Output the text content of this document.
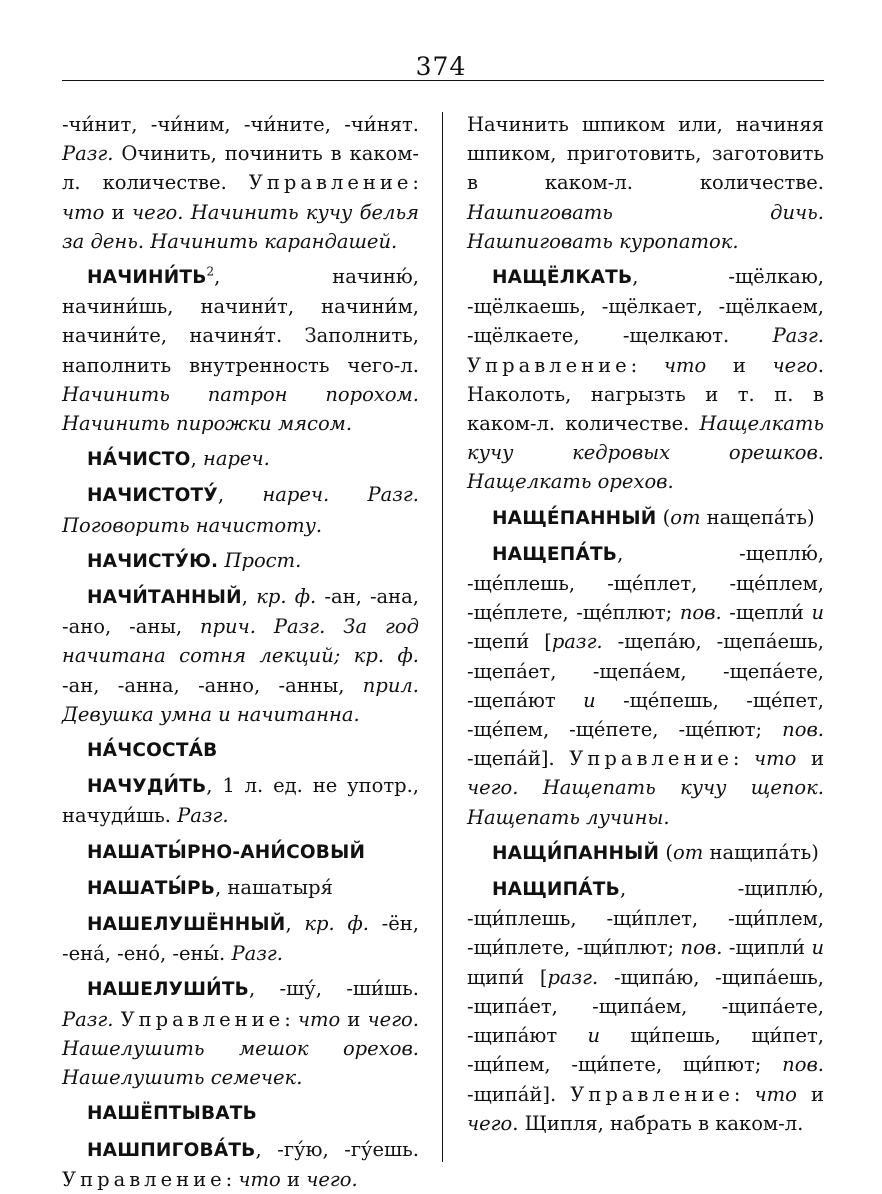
374

-чи́нит, -чи́ним, -чи́ните, -чи́нят. Разг. Очинить, починить в каком-л. количестве. Управление: что и чего. Начинить кучу белья за день. Начинить карандашей.

$НАЧИНИ́ТЬ^2$, начиню́, начини́шь, начини́т, начини́м, начини́те, начиня́т. Заполнить, наполнить внутренность чего-л. Начинить патрон порохом. Начинить пирожки мясом.

НА́ЧИСТО, нареч.

НАЧИСТОТУ́, нареч. Разг. Поговорить начистоту.

НАЧИСТУ́Ю. Прост.

НАЧИ́ТАННЫЙ, кр. ф. -ан, -ана, -ано, -аны, прич. Разг. За год начитана сотня лекций; кр. ф. -ан, -анна, -анно, -анны, прил. Девушка умна и начитанна.

НА́ЧСОСТА́В

НАЧУДИ́ТЬ, 1 л. ед. не употр., начуди́шь. Разг.

НАШАТЫ́РНО-АНИ́СОВЫЙ

НАШАТЫ́РЬ, нашатыря́

НАШЕЛУШЁННЫЙ, кр. ф. -ён, -ена́, -ено́, -ены́. Разг.

НАШЕЛУШИ́ТЬ, -шу́, -ши́шь. Разг. Управление: что и чего. Нашелушить мешок орехов. Нашелушить семечек.

НАШЁПТЫВАТЬ

НАШПИГОВА́ТЬ, -гу́ю, -гу́ешь. Управление: что и чего.

Начинить шпиком или, начиняя шпиком, приготовить, заготовить в каком-л. количестве. Нашпиговать дичь. Нашпиговать куропаток.

НАЩЁЛКАТЬ, -щёлкаю, -щёлкаешь, -щёлкает, -щёлкаем, -щёлкаете, -щелкают. Разг. Управление: что и чего. Наколоть, нагрызть и т. п. в каком-л. количестве. Нащелкать кучу кедровых орешков. Нащелкать орехов.

НАЩЕ́ПАННЫЙ (от нащепа́ть)

НАЩЕПА́ТЬ, -щеплю́, -ще́плешь, -ще́плет, -ще́плем, -ще́плете, -ще́плют; пов. -щепли́ и -щепи́ [разг. -щепа́ю, -щепа́ешь, -щепа́ет, -щепа́ем, -щепа́ете, -щепа́ют и -ще́пешь, -ще́пет, -ще́пем, -ще́пете, -ще́пют; пов. -щепа́й]. Управление: что и чего. Нащепать кучу щепок. Нащепать лучины.

НАЩИ́ПАННЫЙ (от нащипа́ть)

НАЩИПА́ТЬ, -щиплю́, -щи́плешь, -щи́плет, -щи́плем, -щи́плете, -щи́плют; пов. -щипли́ и щипи́ [разг. -щипа́ю, -щипа́ешь, -щипа́ет, -щипа́ем, -щипа́ете, -щипа́ют и щи́пешь, щи́пет, -щи́пем, -щи́пете, щи́пют; пов. -щипа́й]. Управление: что и чего. Щипля, набрать в каком-л.
